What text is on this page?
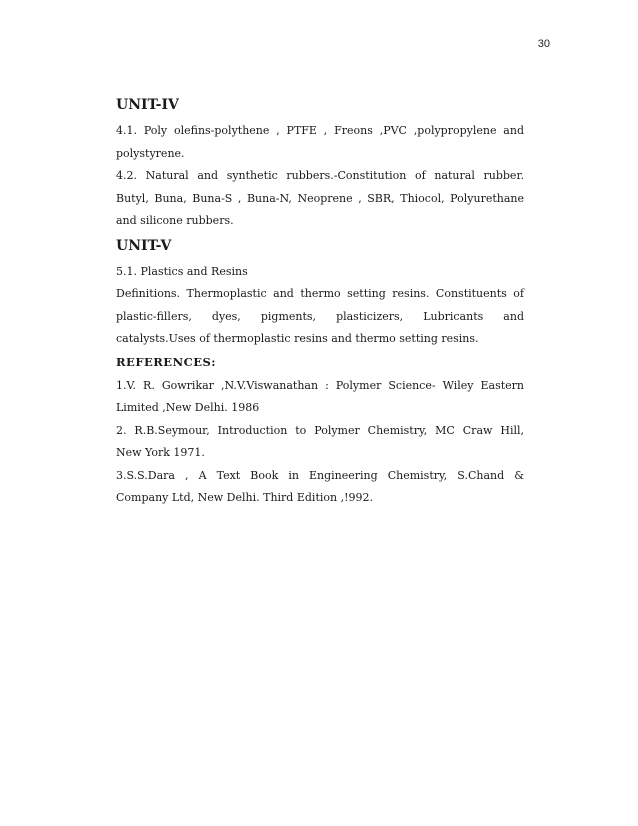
30
UNIT-IV

4.1. Poly olefins-polythene , PTFE , Freons ,PVC ,polypropylene and

polystyrene.

4.2. Natural and synthetic rubbers.-Constitution of natural rubber.

Butyl, Buna, Buna-S , Buna-N, Neoprene , SBR, Thiocol, Polyurethane

and silicone rubbers.

UNIT-V

5.1. Plastics and Resins

Definitions. Thermoplastic and thermo setting resins. Constituents of

plastic-fillers, dyes, pigments, plasticizers, Lubricants and

catalysts.Uses of thermoplastic resins and thermo setting resins.

REFERENCES:

1.V. R. Gowrikar ,N.V.Viswanathan : Polymer Science- Wiley Eastern

Limited ,New Delhi. 1986

2. R.B.Seymour, Introduction to Polymer Chemistry, MC Craw Hill,

New York 1971.

3.S.S.Dara , A Text Book in Engineering Chemistry, S.Chand &

Company Ltd, New Delhi. Third Edition ,!992.
